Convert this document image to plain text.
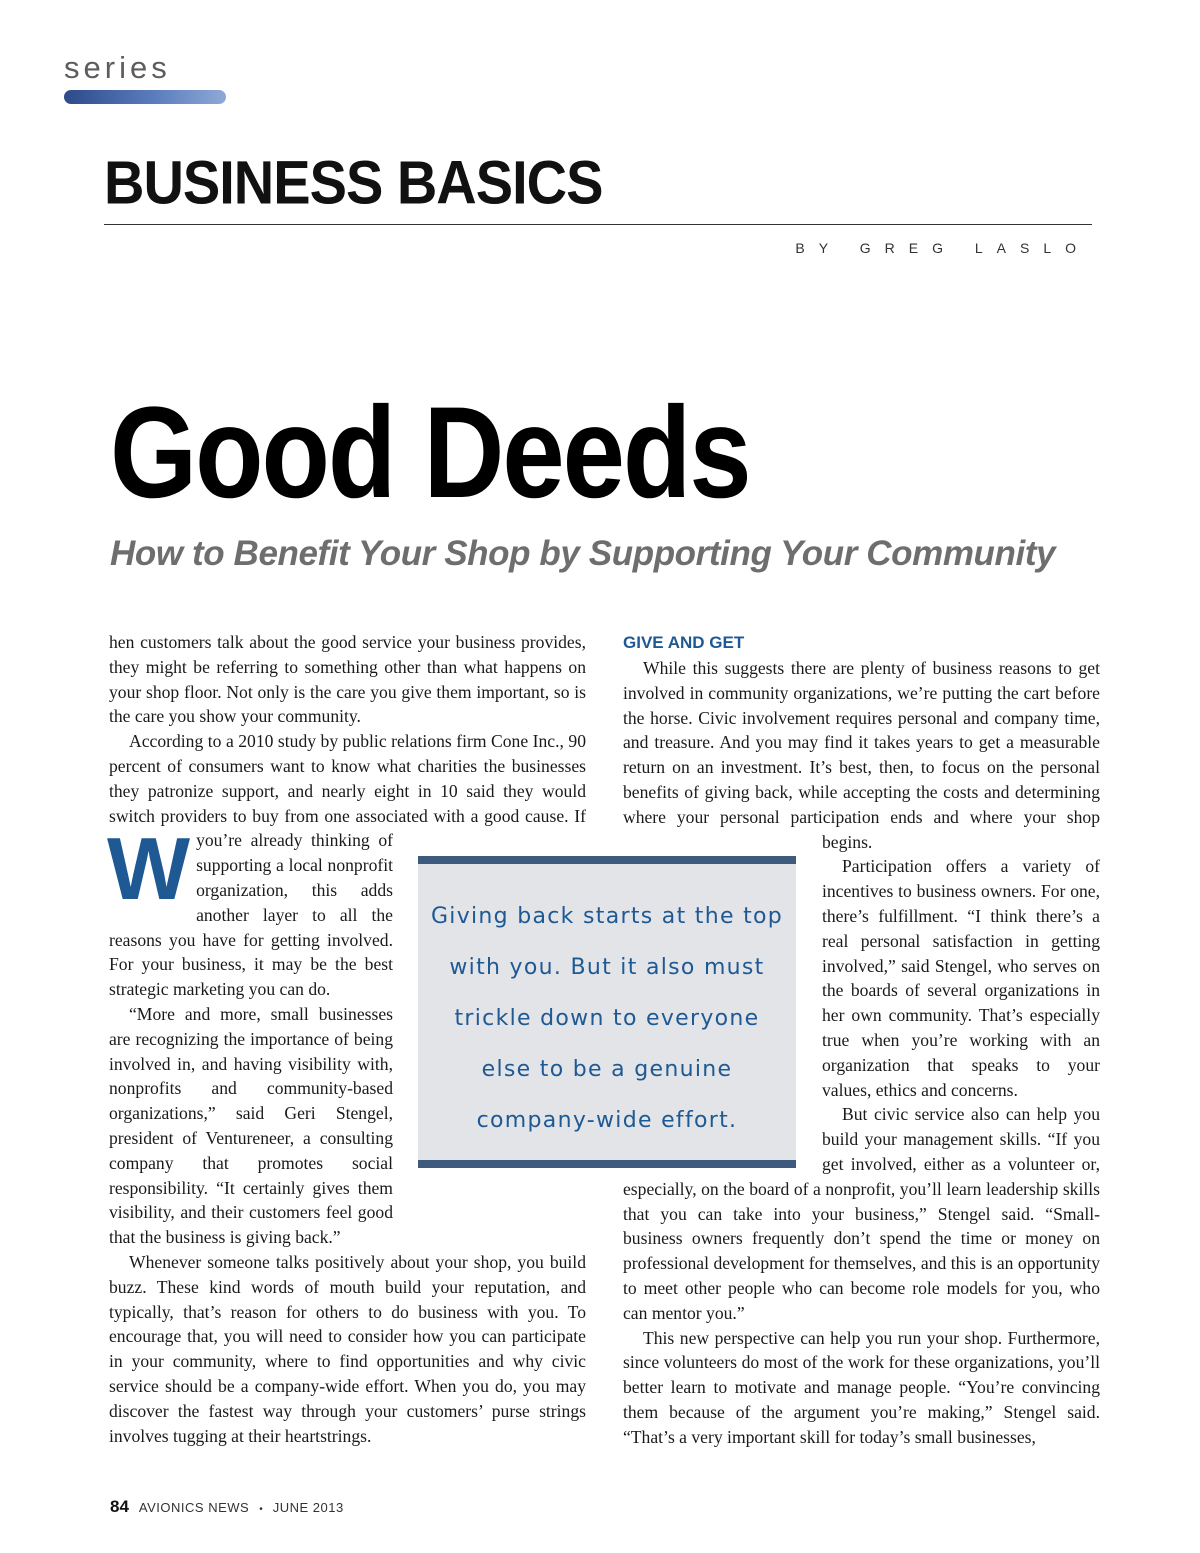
series
BUSINESS BASICS
BY GREG LASLO
Good Deeds
How to Benefit Your Shop by Supporting Your Community

W
hen customers talk about the good service your business provides, they might be referring to something other than what happens on your shop floor. Not only is the care you give them important, so is the care you show your community.

According to a 2010 study by public relations firm Cone Inc., 90 percent of consumers want to know what charities the businesses they patronize support, and nearly eight in 10 said they would switch providers to buy from one associated with a good cause. If you’re already thinking of supporting a local nonprofit organization, this adds another layer to all the reasons you have for getting involved. For your business, it may be the best strategic marketing you can do.

“More and more, small businesses are recognizing the importance of being involved in, and having visibility with, nonprofits and community-based organizations,” said Geri Stengel, president of Ventureneer, a consulting company that promotes social responsibility. “It certainly gives them visibility, and their customers feel good that the business is giving back.”

Whenever someone talks positively about your shop, you build buzz. These kind words of mouth build your reputation, and typically, that’s reason for others to do business with you. To encourage that, you will need to consider how you can participate in your community, where to find opportunities and why civic service should be a company-wide effort. When you do, you may discover the fastest way through your customers’ purse strings involves tugging at their heartstrings.

GIVE AND GET

While this suggests there are plenty of business reasons to get involved in community organizations, we’re putting the cart before the horse. Civic involvement requires personal and company time, and treasure. And you may find it takes years to get a measurable return on an investment. It’s best, then, to focus on the personal benefits of giving back, while accepting the costs and determining where your personal participation ends and where your shop begins.

Participation offers a variety of incentives to business owners. For one, there’s fulfillment. “I think there’s a real personal satisfaction in getting involved,” said Stengel, who serves on the boards of several organizations in her own community. That’s especially true when you’re working with an organization that speaks to your values, ethics and concerns.

But civic service also can help you build your management skills. “If you get involved, either as a volunteer or, especially, on the board of a nonprofit, you’ll learn leadership skills that you can take into your business,” Stengel said. “Small-business owners frequently don’t spend the time or money on professional development for themselves, and this is an opportunity to meet other people who can become role models for you, who can mentor you.”

This new perspective can help you run your shop. Furthermore, since volunteers do most of the work for these organizations, you’ll better learn to motivate and manage people. “You’re convincing them because of the argument you’re making,” Stengel said. “That’s a very important skill for today’s small businesses,

Giving back starts at the top
with you. But it also must
trickle down to everyone
else to be a genuine
company-wide effort.
84 AVIONICS NEWS • JUNE 2013
